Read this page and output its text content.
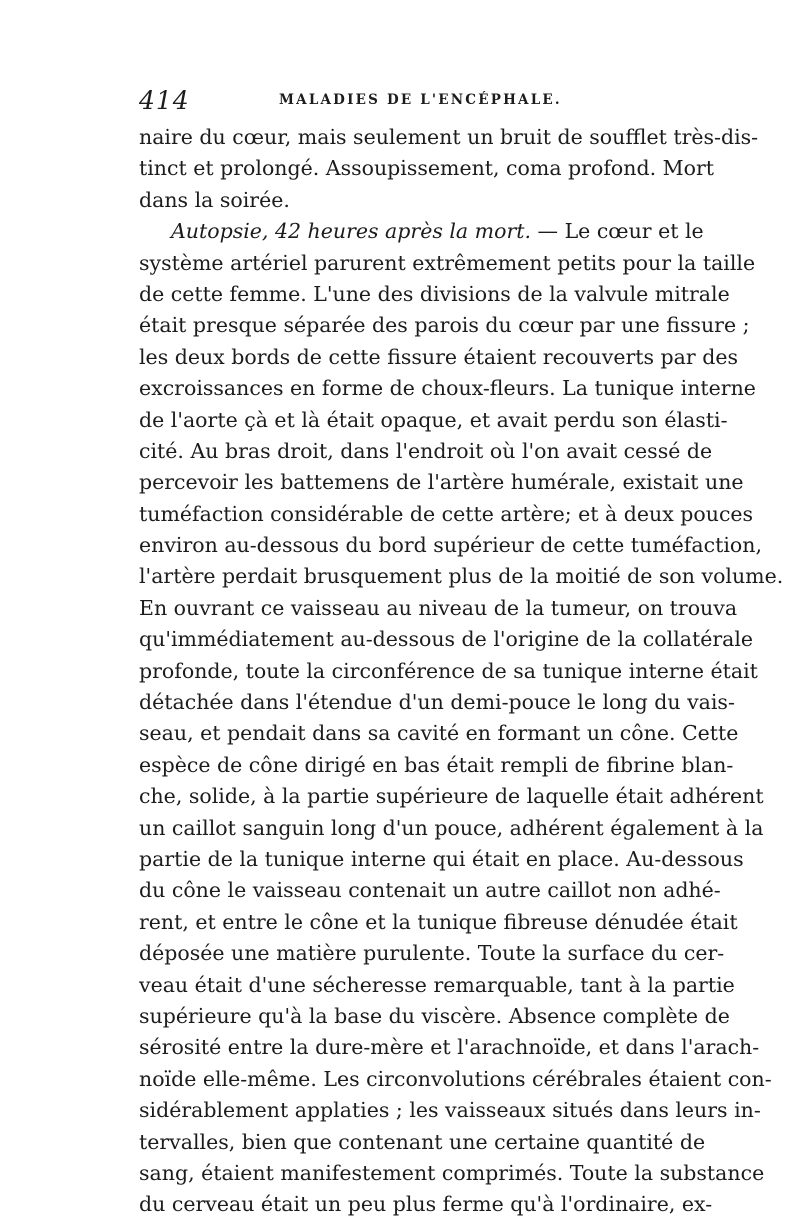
414	MALADIES DE L'ENCÉPHALE.
naire du cœur, mais seulement un bruit de soufflet très-dis-
tinct et prolongé. Assoupissement, coma profond. Mort
dans la soirée.
Autopsie, 42 heures après la mort. — Le cœur et le
système artériel parurent extrêmement petits pour la taille
de cette femme. L'une des divisions de la valvule mitrale
était presque séparée des parois du cœur par une fissure ;
les deux bords de cette fissure étaient recouverts par des
excroissances en forme de choux-fleurs. La tunique interne
de l'aorte çà et là était opaque, et avait perdu son élasti-
cité. Au bras droit, dans l'endroit où l'on avait cessé de
percevoir les battemens de l'artère humérale, existait une
tuméfaction considérable de cette artère; et à deux pouces
environ au-dessous du bord supérieur de cette tuméfaction,
l'artère perdait brusquement plus de la moitié de son volume.
En ouvrant ce vaisseau au niveau de la tumeur, on trouva
qu'immédiatement au-dessous de l'origine de la collatérale
profonde, toute la circonférence de sa tunique interne était
détachée dans l'étendue d'un demi-pouce le long du vais-
seau, et pendait dans sa cavité en formant un cône. Cette
espèce de cône dirigé en bas était rempli de fibrine blan-
che, solide, à la partie supérieure de laquelle était adhérent
un caillot sanguin long d'un pouce, adhérent également à la
partie de la tunique interne qui était en place. Au-dessous
du cône le vaisseau contenait un autre caillot non adhé-
rent, et entre le cône et la tunique fibreuse dénudée était
déposée une matière purulente. Toute la surface du cer-
veau était d'une sécheresse remarquable, tant à la partie
supérieure qu'à la base du viscère. Absence complète de
sérosité entre la dure-mère et l'arachnoïde, et dans l'arach-
noïde elle-même. Les circonvolutions cérébrales étaient con-
sidérablement applaties ; les vaisseaux situés dans leurs in-
tervalles, bien que contenant une certaine quantité de
sang, étaient manifestement comprimés. Toute la substance
du cerveau était un peu plus ferme qu'à l'ordinaire, ex-
